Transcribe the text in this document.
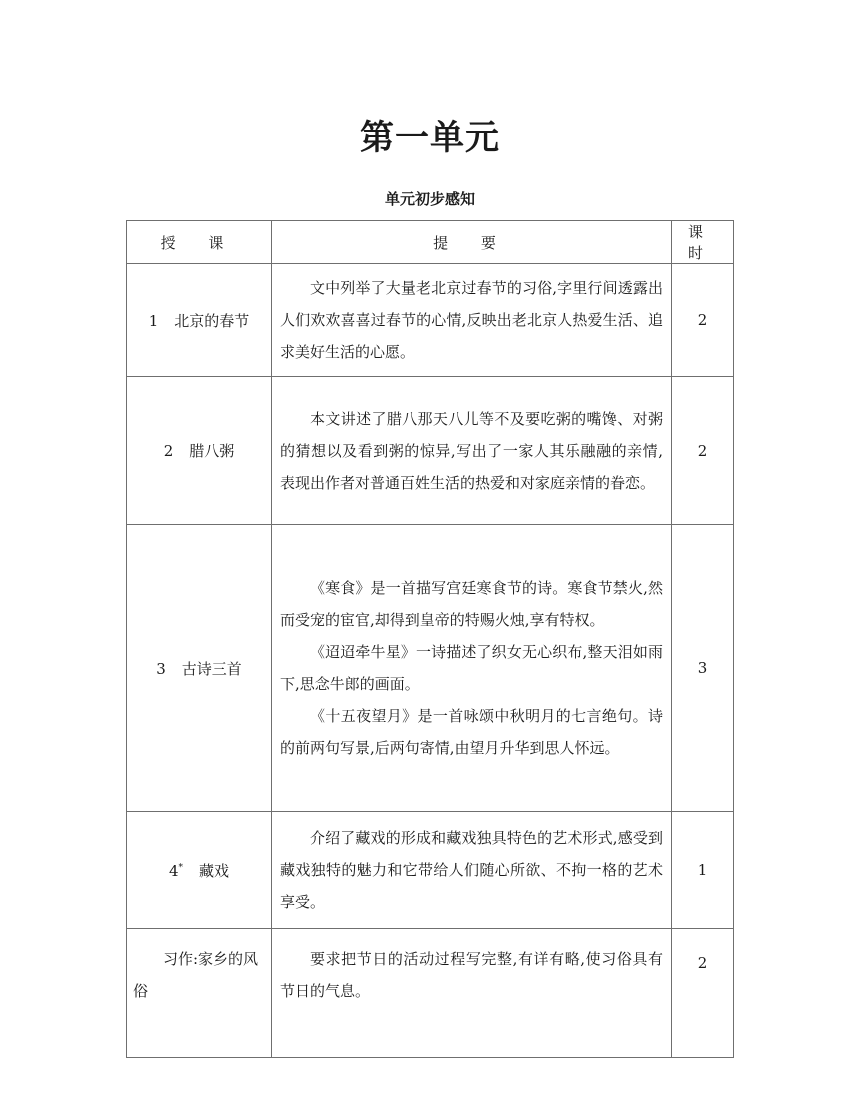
第一单元
单元初步感知
授 课	提 要	课 时
1 北京的春节	文中列举了大量老北京过春节的习俗,字里行间透露出人们欢欢喜喜过春节的心情,反映出老北京人热爱生活、追求美好生活的心愿。	2
2 腊八粥	本文讲述了腊八那天八儿等不及要吃粥的嘴馋、对粥的猜想以及看到粥的惊异,写出了一家人其乐融融的亲情,表现出作者对普通百姓生活的热爱和对家庭亲情的眷恋。	2
3 古诗三首	《寒食》是一首描写宫廷寒食节的诗。寒食节禁火,然而受宠的宦官,却得到皇帝的特赐火烛,享有特权。

《迢迢牵牛星》一诗描述了织女无心织布,整天泪如雨下,思念牛郎的画面。

《十五夜望月》是一首咏颂中秋明月的七言绝句。诗的前两句写景,后两句寄情,由望月升华到思人怀远。	3
4* 藏戏	介绍了藏戏的形成和藏戏独具特色的艺术形式,感受到藏戏独特的魅力和它带给人们随心所欲、不拘一格的艺术享受。	1
习作:家乡的风俗	要求把节日的活动过程写完整,有详有略,使习俗具有节日的气息。	2
